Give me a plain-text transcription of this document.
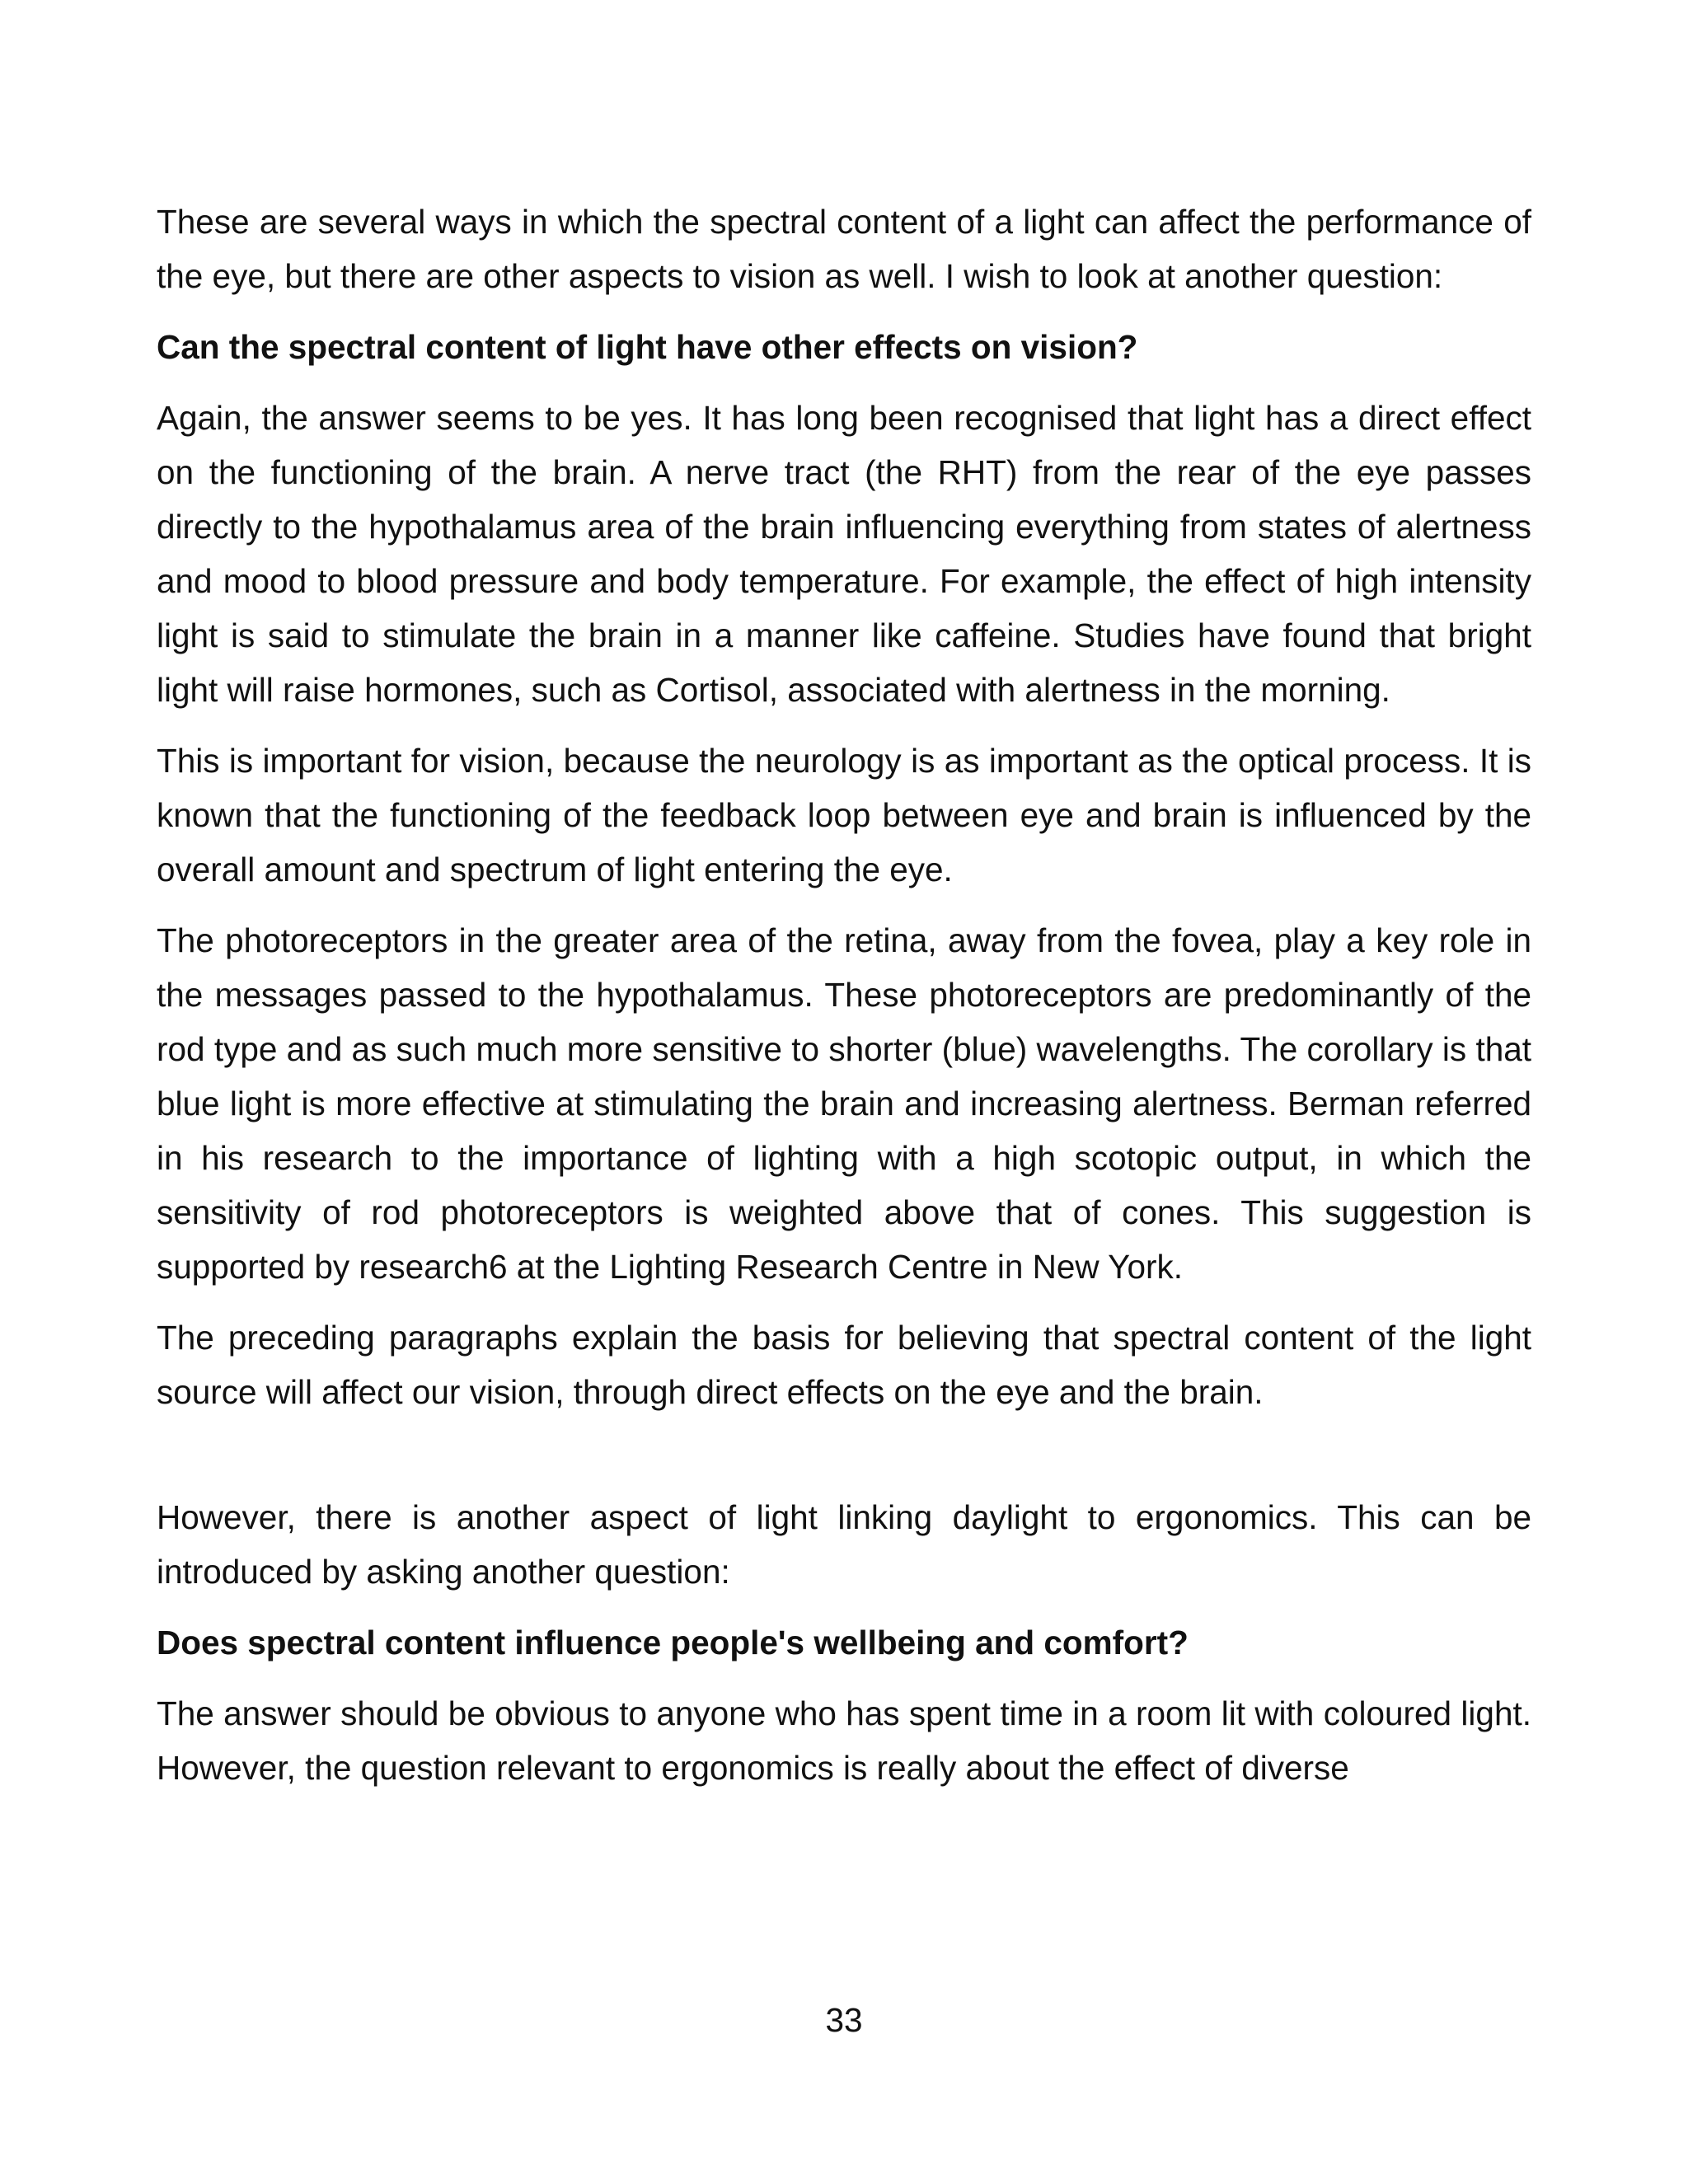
These are several ways in which the spectral content of a light can affect the performance of the eye, but there are other aspects to vision as well. I wish to look at another question:

Can the spectral content of light have other effects on vision?

Again, the answer seems to be yes. It has long been recognised that light has a direct effect on the functioning of the brain. A nerve tract (the RHT) from the rear of the eye passes directly to the hypothalamus area of the brain influencing everything from states of alertness and mood to blood pressure and body temperature. For example, the effect of high intensity light is said to stimulate the brain in a manner like caffeine. Studies have found that bright light will raise hormones, such as Cortisol, associated with alertness in the morning.

This is important for vision, because the neurology is as important as the optical process. It is known that the functioning of the feedback loop between eye and brain is influenced by the overall amount and spectrum of light entering the eye.

The photoreceptors in the greater area of the retina, away from the fovea, play a key role in the messages passed to the hypothalamus. These photoreceptors are predominantly of the rod type and as such much more sensitive to shorter (blue) wavelengths. The corollary is that blue light is more effective at stimulating the brain and increasing alertness. Berman referred in his research to the importance of lighting with a high scotopic output, in which the sensitivity of rod photoreceptors is weighted above that of cones. This suggestion is supported by research6 at the Lighting Research Centre in New York.

The preceding paragraphs explain the basis for believing that spectral content of the light source will affect our vision, through direct effects on the eye and the brain.

However, there is another aspect of light linking daylight to ergonomics. This can be introduced by asking another question:

Does spectral content influence people's wellbeing and comfort?

The answer should be obvious to anyone who has spent time in a room lit with coloured light. However, the question relevant to ergonomics is really about the effect of diverse

33
